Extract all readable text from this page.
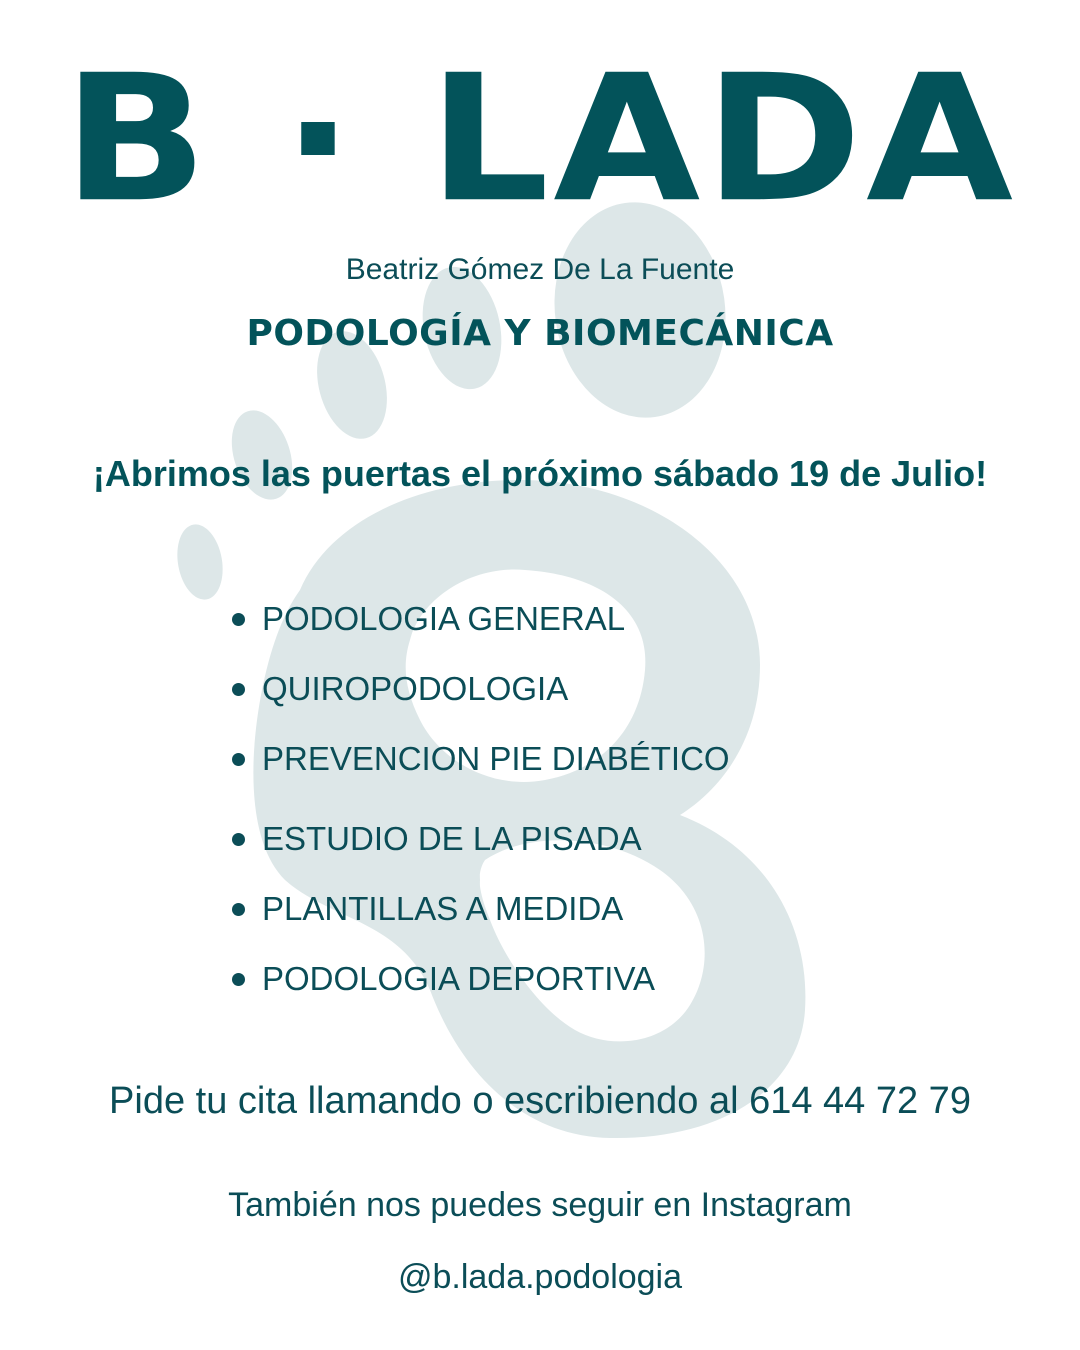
B · LADA
Beatriz Gómez De La Fuente
PODOLOGÍA Y BIOMECÁNICA
¡Abrimos las puertas el próximo sábado 19 de Julio!
PODOLOGIA GENERAL
QUIROPODOLOGIA
PREVENCION PIE DIABÉTICO
ESTUDIO DE LA PISADA
PLANTILLAS A MEDIDA
PODOLOGIA DEPORTIVA
Pide tu cita llamando o escribiendo al 614 44 72 79
También nos puedes seguir en Instagram
@b.lada.podologia
